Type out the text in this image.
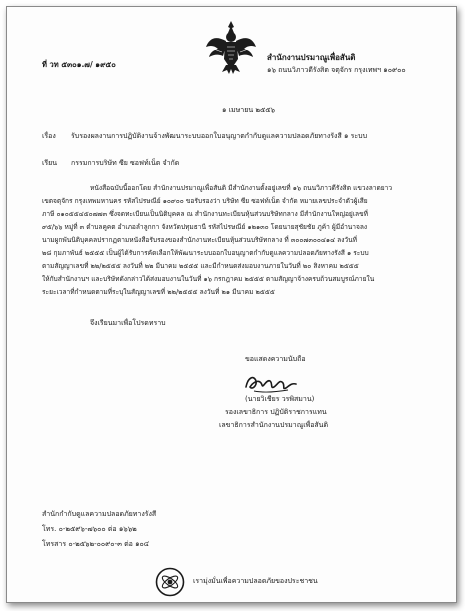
ที่ วท ๕๓๐๑.๗/ ๑๙๕๐
สำนักงานปรมาณูเพื่อสันติ
๑๖ ถนนวิภาวดีรังสิต จตุจักร กรุงเทพฯ ๑๐๙๐๐
๑ เมษายน ๒๕๕๖
เรื่อง รับรองผลงานการปฏิบัติงานจ้างพัฒนาระบบออกใบอนุญาตกำกับดูแลความปลอดภัยทางรังสี ๑ ระบบ
เรียน กรรมการบริษัท ซีย ซอฟท์เน็ต จำกัด
หนังสือฉบับนี้ออกโดย สำนักงานปรมาณูเพื่อสันติ มีสำนักงานตั้งอยู่เลขที่ ๑๖ ถนนวิภาวดีรังสิต แขวงลาดยาว
เขตจตุจักร กรุงเทพมหานคร รหัสไปรษณีย์ ๑๐๙๐๐ ขอรับรองว่า บริษัท ซีย ซอฟท์เน็ต จำกัด หมายเลขประจำตัวผู้เสีย
ภาษี ๐๑๐๕๕๔๕๐๗๗๓ ซึ่งจดทะเบียนเป็นนิติบุคคล ณ สำนักงานทะเบียนหุ้นส่วนบริษัทกลาง มีสำนักงานใหญ่อยู่เลขที่
๙๕/๖๖ หมู่ที่ ๓ ตำบลคูคต อำเภอลำลูกกา จังหวัดปทุมธานี รหัสไปรษณีย์ ๑๒๑๓๐ โดยนายสุชัยชัย ภูค้า ผู้มีอำนาจลง
นามผูกพันนิติบุคคลปรากฏตามหนังสือรับรองของสำนักงานทะเบียนหุ้นส่วนบริษัทกลาง ที่ ๓๐๐๗๓๐๐๔๑๔ ลงวันที่
๒๘ กุมภาพันธ์ ๒๕๕๕ เป็นผู้ได้รับการคัดเลือกให้พัฒนาระบบออกใบอนุญาตกำกับดูแลความปลอดภัยทางรังสี ๑ ระบบ
ตามสัญญาเลขที่ ๒๒/๒๕๕๕ ลงวันที่ ๒๒ มีนาคม ๒๕๕๕ และมีกำหนดส่งมอบงานภายในวันที่ ๒๐ สิงหาคม ๒๕๕๕
ให้กับสำนักงานฯ และบริษัทดังกล่าวได้ส่งมอบงานในวันที่ ๑๖ กรกฎาคม ๒๕๕๕ ตามสัญญาจ้างครบถ้วนสมบูรณ์ภายใน
ระยะเวลาที่กำหนดตามที่ระบุในสัญญาเลขที่ ๒๒/๒๕๕๕ ลงวันที่ ๒๑ มีนาคม ๒๕๕๕
จึงเรียนมาเพื่อโปรดทราบ
ขอแสดงความนับถือ
(นายวิเชียร วรพิสมาน)
รองเลขาธิการ ปฏิบัติราชการแทน
เลขาธิการสำนักงานปรมาณูเพื่อสันติ
สำนักกำกับดูแลความปลอดภัยทางรังสี
โทร. ๐-๒๕๙๖-๗๖๐๐ ต่อ ๑๖๖๒
โทรสาร ๐-๒๕๖๒-๐๐๙๐-๓ ต่อ ๑๐๔
เรามุ่งมั่นเพื่อความปลอดภัยของประชาชน
